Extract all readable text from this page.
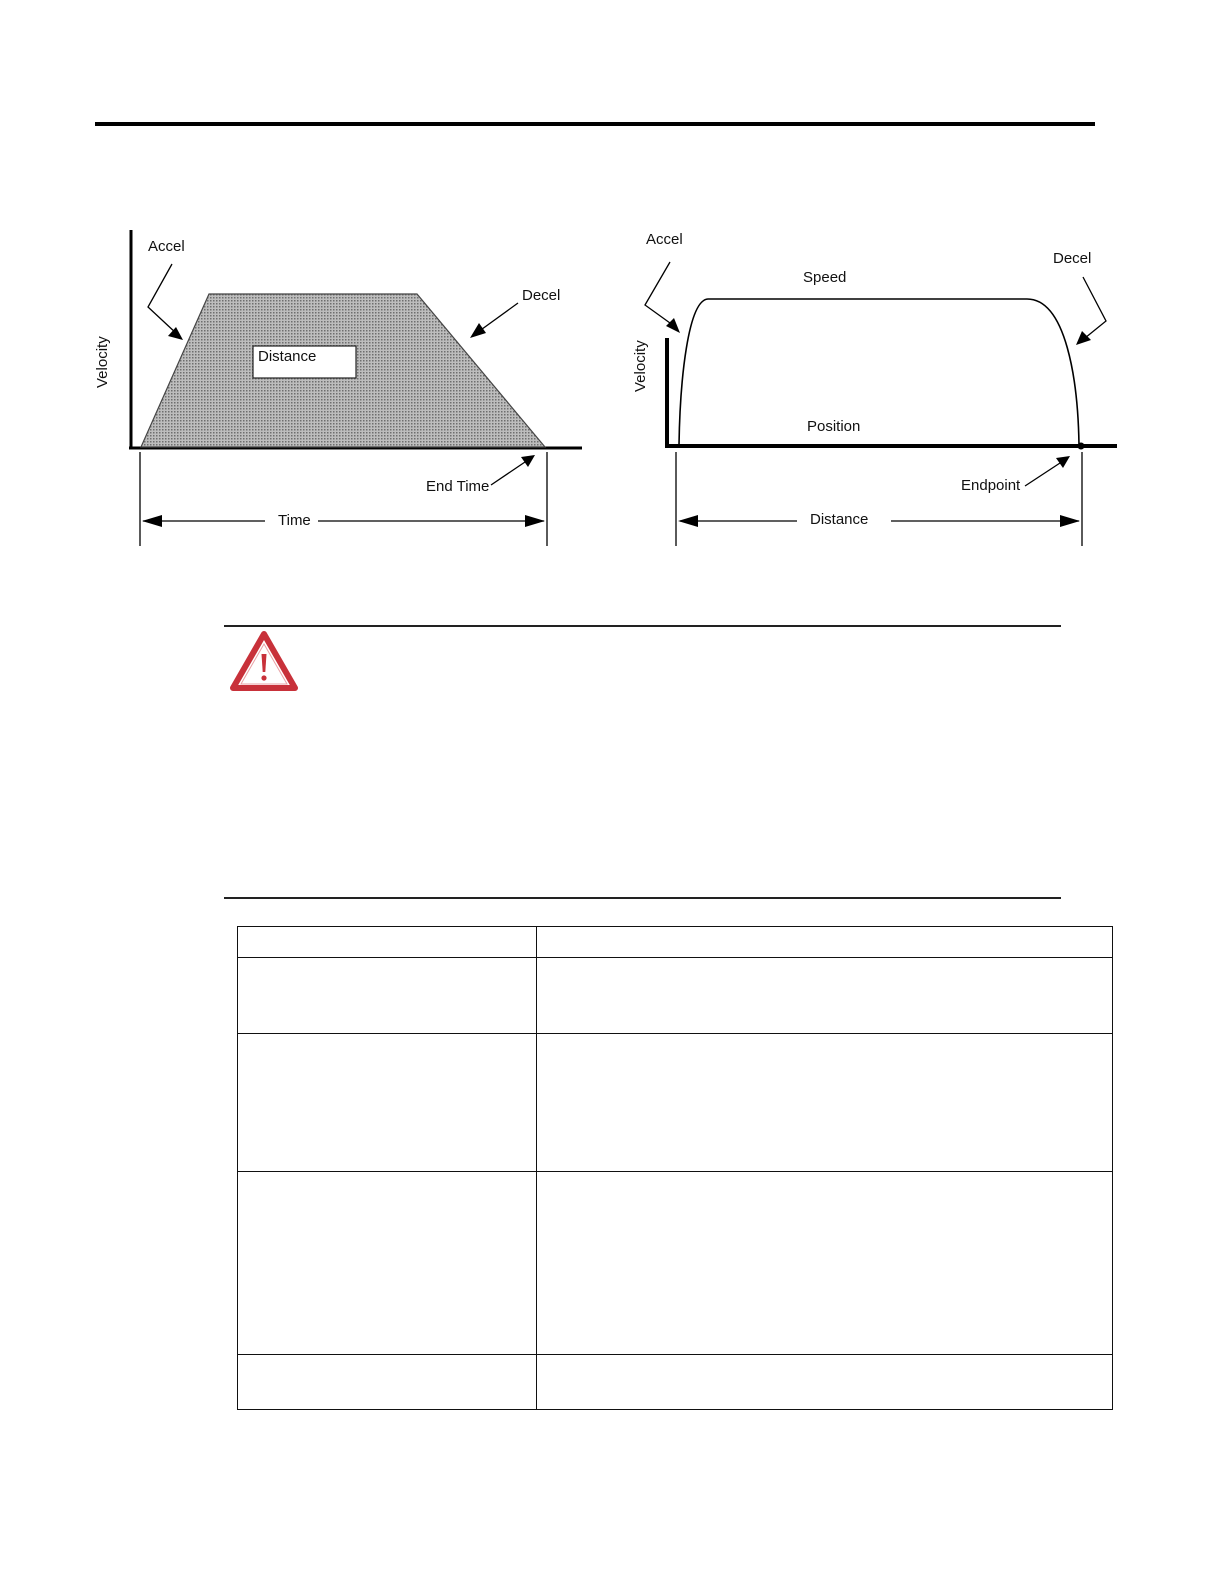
Distance
Accel
Decel
Velocity
End Time
Time
Accel
Speed
Decel
Velocity
Position
Endpoint
Distance
